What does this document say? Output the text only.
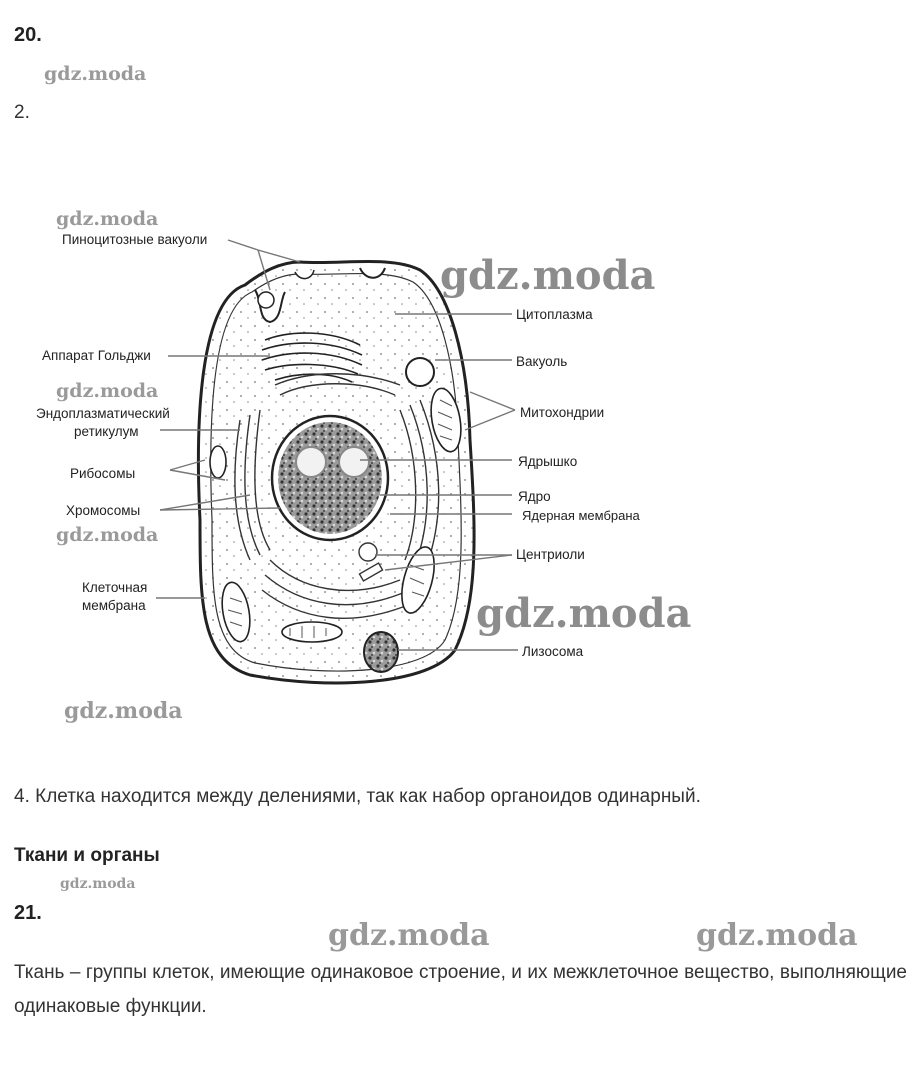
20.
gdz.moda
2.
Пиноцитозные вакуоли
Цитоплазма
Аппарат Гольджи	Вакуоль
Эндоплазматический
ретикулум
Митохондрии
Рибосомы
Ядрышко
Ядро
Хромосомы	Ядерная мембрана
Центриоли
Клеточная
мембрана
Лизосома
gdz.moda
gdz.moda
gdz.moda
gdz.moda
gdz.moda
gdz.moda
4. Клетка находится между делениями, так как набор органоидов одинарный.
Ткани и органы
gdz.moda
21.
gdz.moda	gdz.moda
Ткань – группы клеток, имеющие одинаковое строение, и их межклеточное вещество, выполняющие одинаковые функции.
